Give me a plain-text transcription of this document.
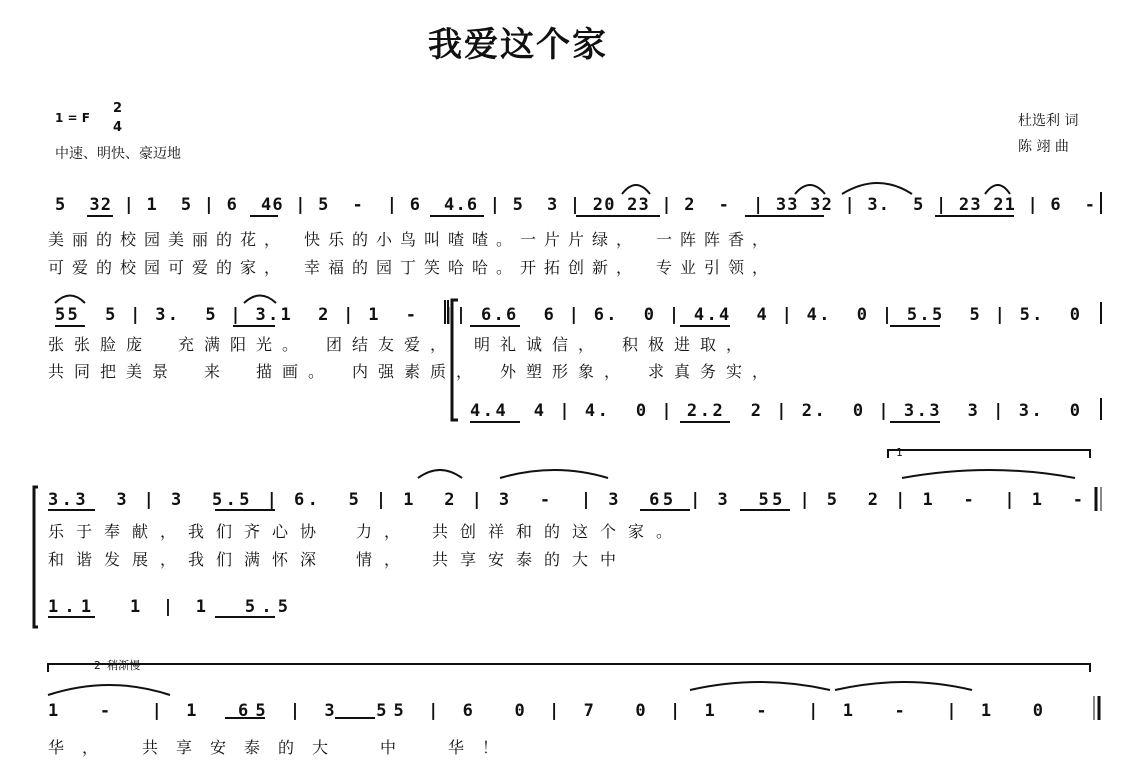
我爱这个家
1 = F
2
4
中速、明快、豪迈地
杜选利 词
陈 翊 曲
5  32 | 1  5 | 6  46 | 5  -  | 6  4.6 | 5  3 | 20 23 | 2  -  | 33 32 | 3.  5 | 23 21 | 6  -
55  5 | 3.  5 | 3.1  2 | 1  -  || 6.6  6 | 6.  0 | 4.4  4 | 4.  0 | 5.5  5 | 5.  0
4.4  4 | 4.  0 | 2.2  2 | 2.  0 | 3.3  3 | 3.  0
3.3  3 | 3  5.5 | 6.  5 | 1  2 | 3  -  | 3  65 | 3  55 | 5  2 | 1  -  | 1  -
1.1  1 | 1  5.5
1
2 稍渐慢
1  -  | 1  65 | 3  55 | 6  0 | 7  0 | 1  -  | 1  -  | 1  0
美丽的校园美丽的花，　快乐的小鸟叫喳喳。一片片绿，　一阵阵香，
可爱的校园可爱的家，　幸福的园丁笑哈哈。开拓创新，　专业引领，
张张脸庞　充满阳光。　团结友爱，　明礼诚信，　积极进取，
共同把美景　来　描画。　内强素质，　外塑形象，　求真务实，
乐于奉献，我们齐心协　力，　共创祥和的这个家。
和谐发展，我们满怀深　情，　共享安泰的大中
华，　共享安泰的大　中　华！
